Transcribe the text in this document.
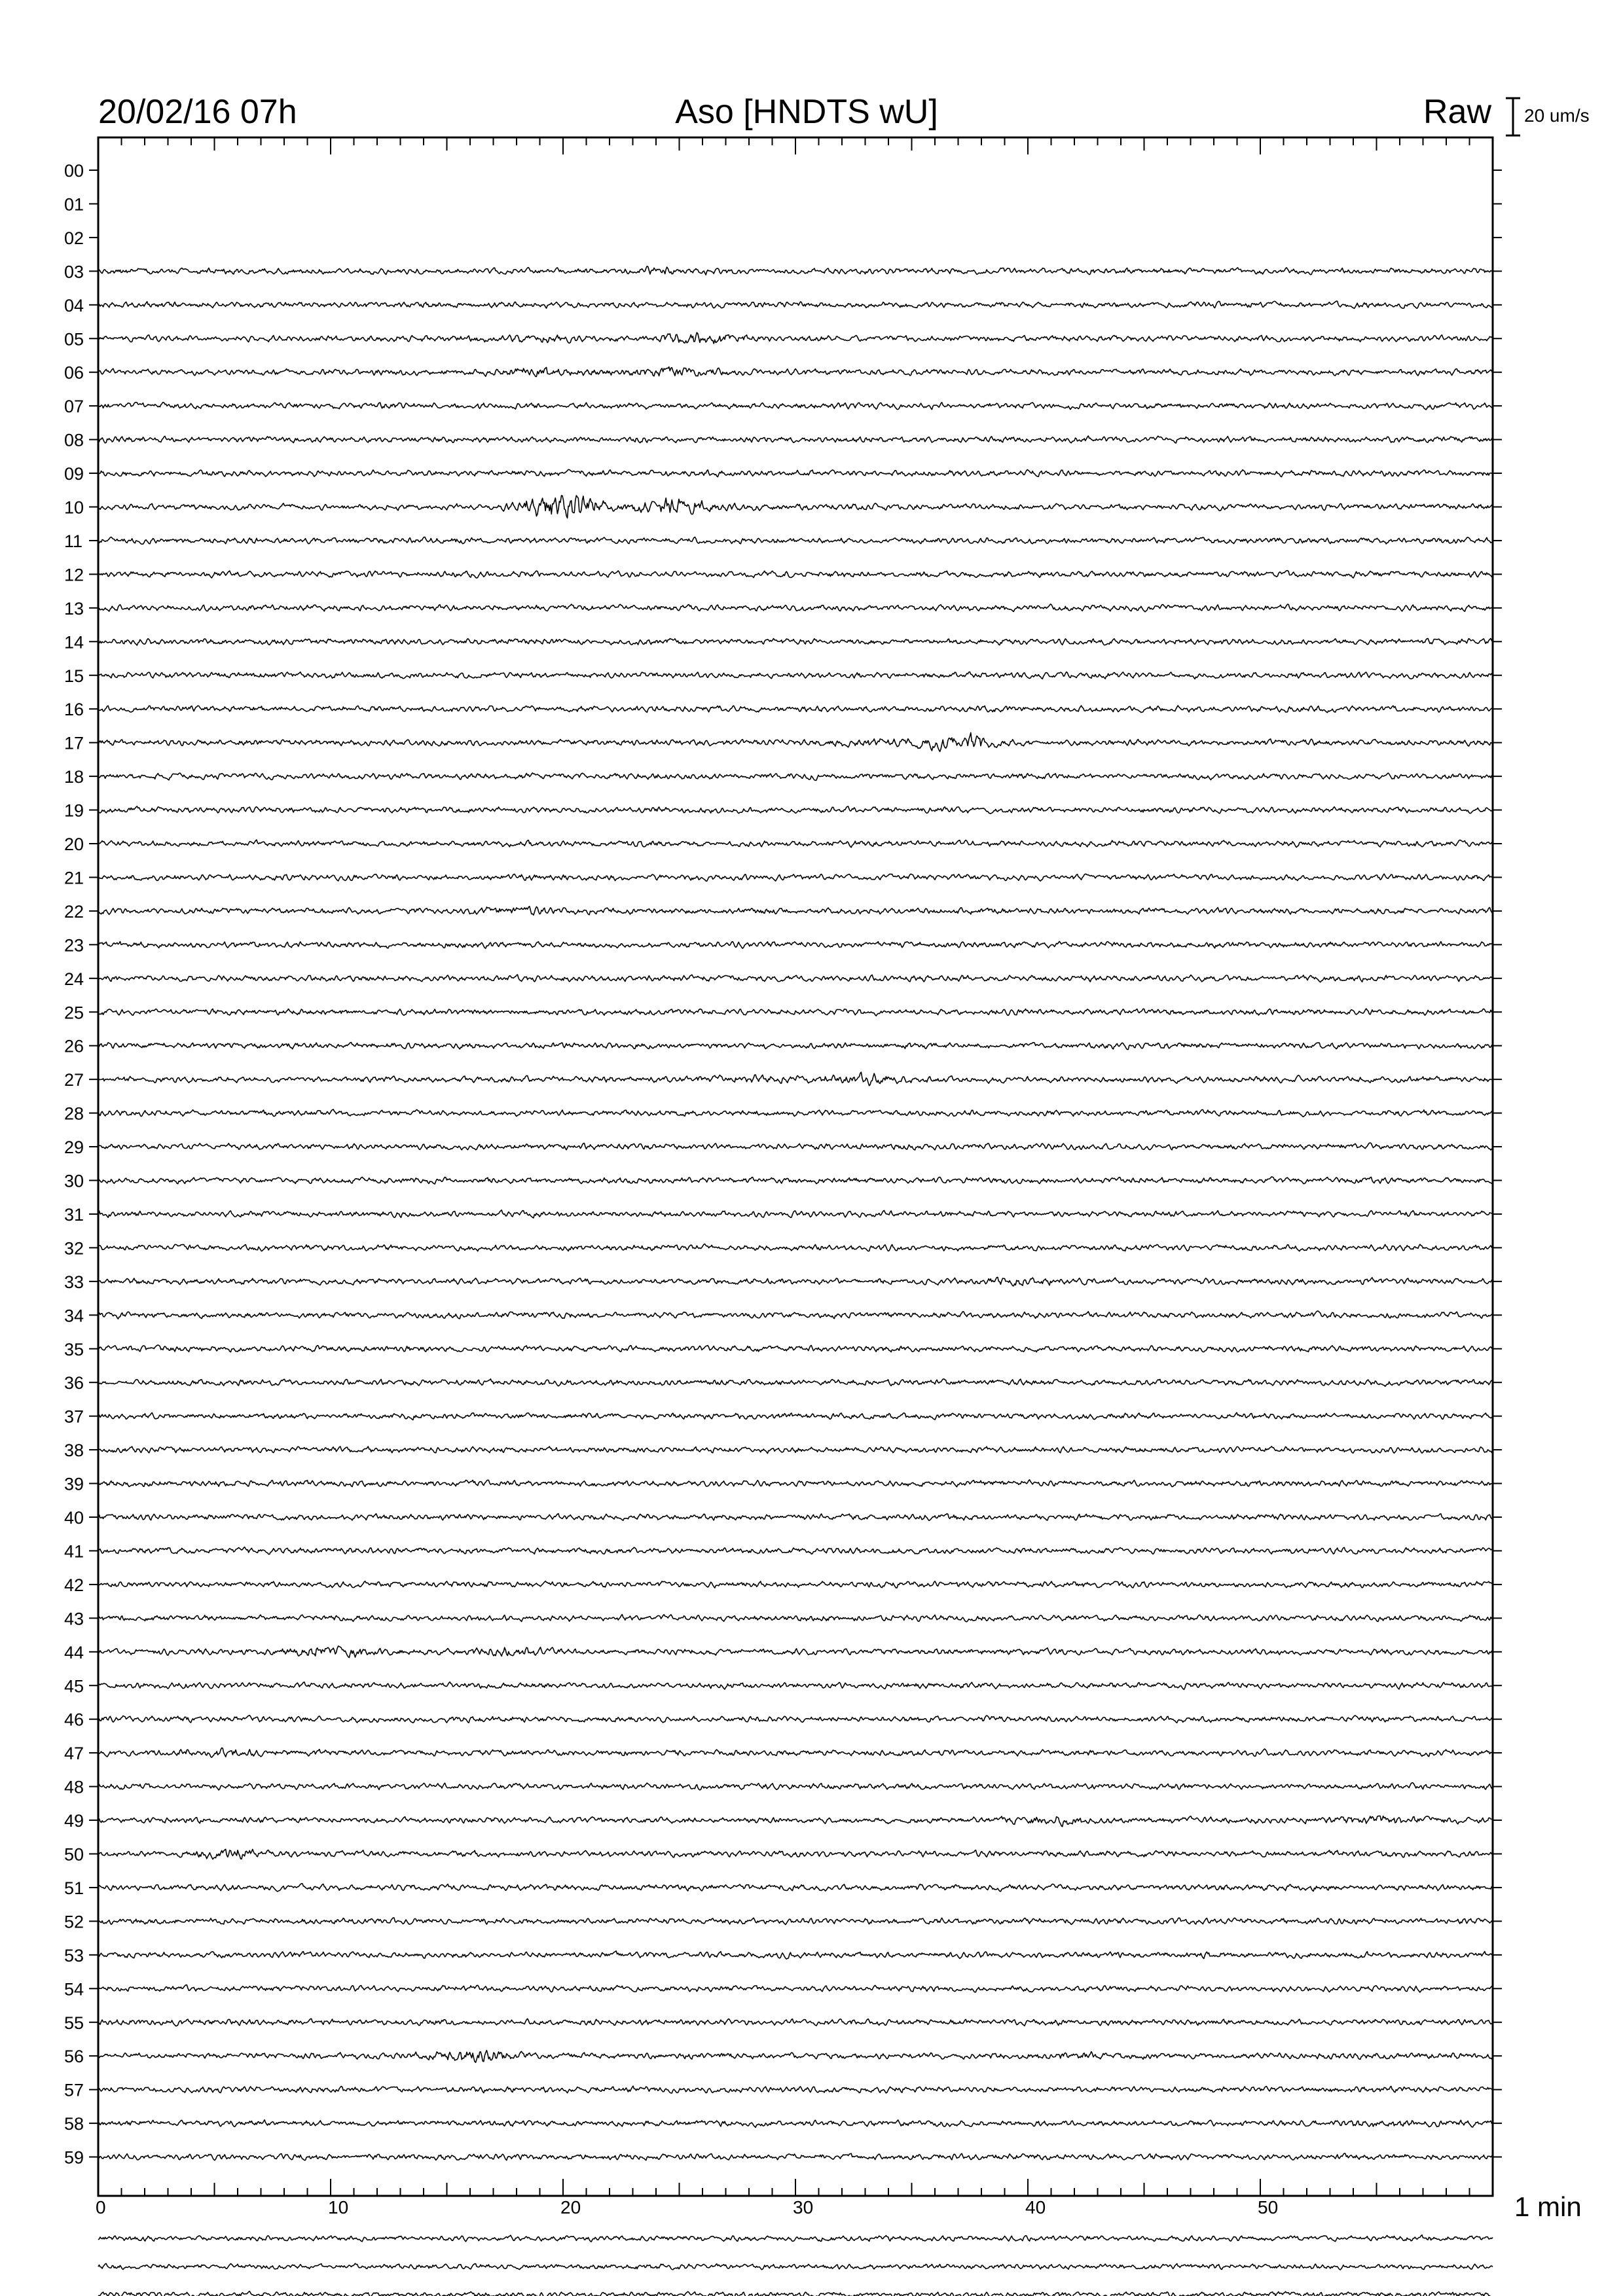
20/02/16 07h	Aso [HNDTS wU]	Raw 20 um/s
00
01
02
03
04
05
06
07
08
09
10
11
12
13
14
15
16
17
18
19
20
21
22
23
24
25
26
27
28
29
30
31
32
33
34
35
36
37
38
39
40
41
42
43
44
45
46
47
48
49
50
51
52
53
54
55
56
57
58
59
0	10	20	30	40	50	1 min
